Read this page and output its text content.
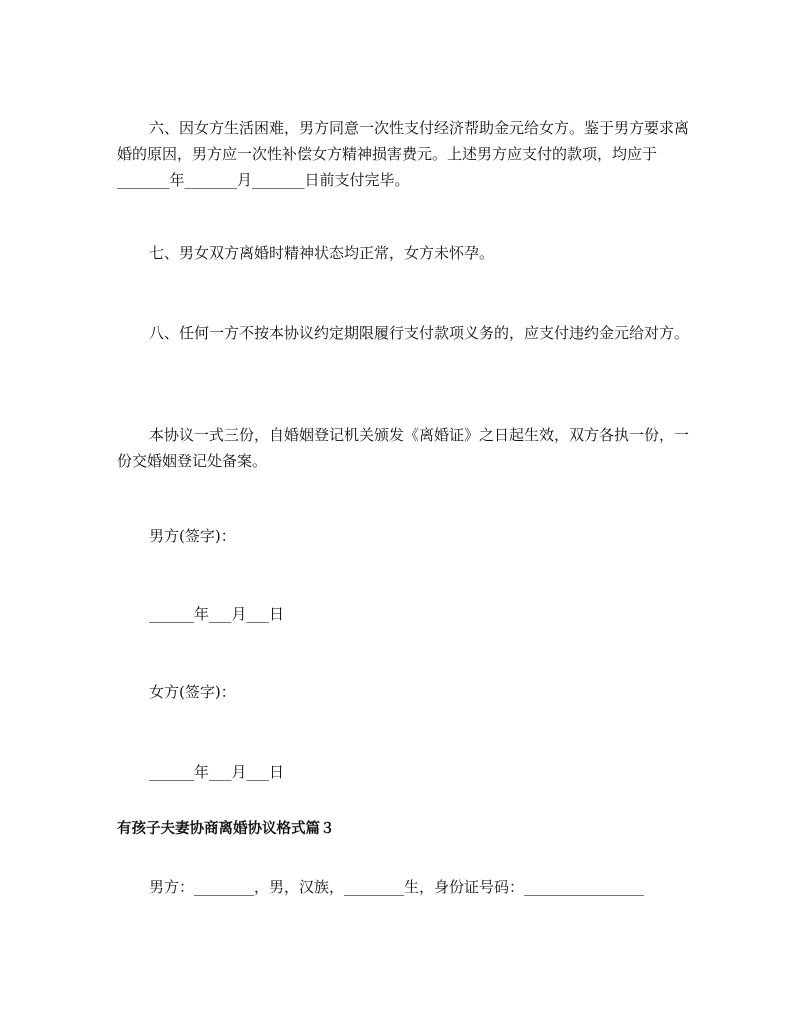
六、因女方生活困难，男方同意一次性支付经济帮助金元给女方。鉴于男方要求离婚的原因，男方应一次性补偿女方精神损害费元。上述男方应支付的款项，均应于_______年_______月_______日前支付完毕。

七、男女双方离婚时精神状态均正常，女方未怀孕。

八、任何一方不按本协议约定期限履行支付款项义务的，应支付违约金元给对方。

本协议一式三份，自婚姻登记机关颁发《离婚证》之日起生效，双方各执一份，一份交婚姻登记处备案。

男方(签字)：

______年___月___日

女方(签字)：

______年___月___日

有孩子夫妻协商离婚协议格式篇３

男方：________，男，汉族，________生，身份证号码：________________
